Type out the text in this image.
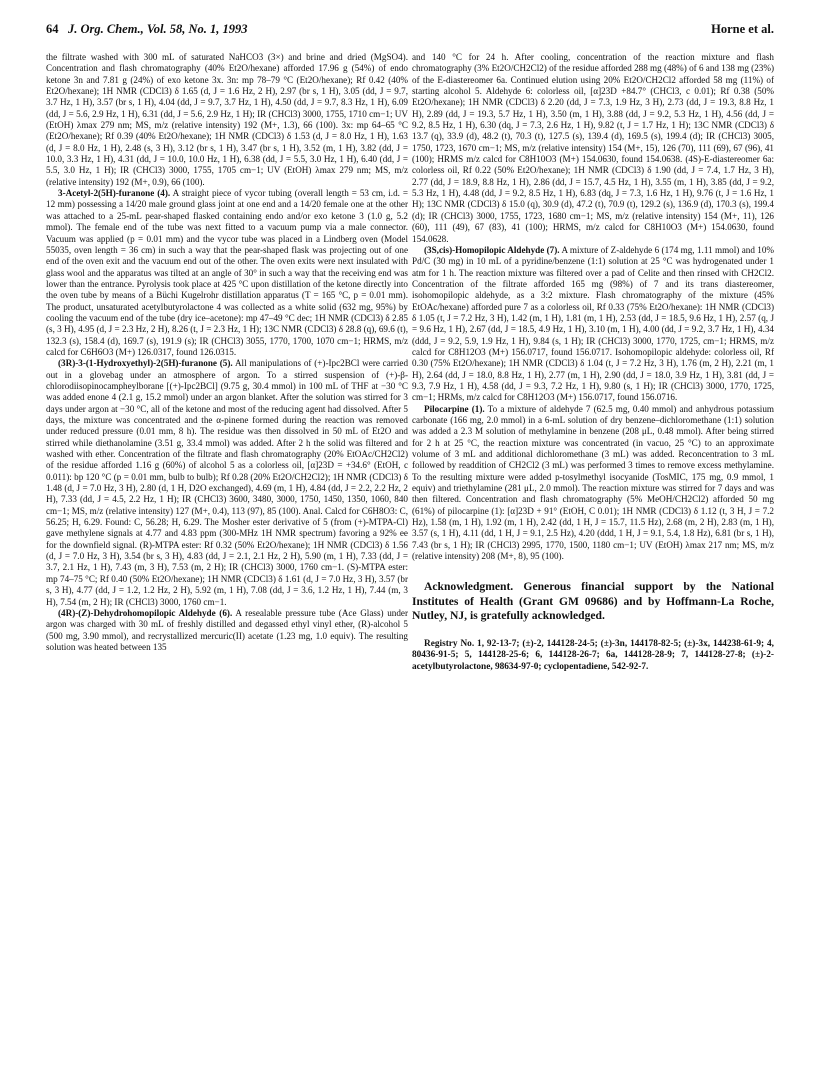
64 J. Org. Chem., Vol. 58, No. 1, 1993	Horne et al.

the filtrate washed with 300 mL of saturated NaHCO3 (3×) and brine and dried (MgSO4). Concentration and flash chromatography (40% Et2O/hexane) afforded 17.96 g (54%) of endo ketone 3n and 7.81 g (24%) of exo ketone 3x. 3n: mp 78–79 °C (Et2O/hexane); Rf 0.42 (40% Et2O/hexane); 1H NMR (CDCl3) δ 1.65 (d, J = 1.6 Hz, 2 H), 2.97 (br s, 1 H), 3.05 (dd, J = 9.7, 3.7 Hz, 1 H), 3.57 (br s, 1 H), 4.04 (dd, J = 9.7, 3.7 Hz, 1 H), 4.50 (dd, J = 9.7, 8.3 Hz, 1 H), 6.09 (dd, J = 5.6, 2.9 Hz, 1 H), 6.31 (dd, J = 5.6, 2.9 Hz, 1 H); IR (CHCl3) 3000, 1755, 1710 cm−1; UV (EtOH) λmax 279 nm; MS, m/z (relative intensity) 192 (M+, 1.3), 66 (100). 3x: mp 64–65 °C (Et2O/hexane); Rf 0.39 (40% Et2O/hexane); 1H NMR (CDCl3) δ 1.53 (d, J = 8.0 Hz, 1 H), 1.63 (d, J = 8.0 Hz, 1 H), 2.48 (s, 3 H), 3.12 (br s, 1 H), 3.47 (br s, 1 H), 3.52 (m, 1 H), 3.82 (dd, J = 10.0, 3.3 Hz, 1 H), 4.31 (dd, J = 10.0, 10.0 Hz, 1 H), 6.38 (dd, J = 5.5, 3.0 Hz, 1 H), 6.40 (dd, J = 5.5, 3.0 Hz, 1 H); IR (CHCl3) 3000, 1755, 1705 cm−1; UV (EtOH) λmax 279 nm; MS, m/z (relative intensity) 192 (M+, 0.9), 66 (100).

3-Acetyl-2(5H)-furanone (4). A straight piece of vycor tubing (overall length = 53 cm, i.d. = 12 mm) possessing a 14/20 male ground glass joint at one end and a 14/20 female one at the other was attached to a 25-mL pear-shaped flasked containing endo and/or exo ketone 3 (1.0 g, 5.2 mmol). The female end of the tube was next fitted to a vacuum pump via a male connector. Vacuum was applied (p = 0.01 mm) and the vycor tube was placed in a Lindberg oven (Model 55035, oven length = 36 cm) in such a way that the pear-shaped flask was projecting out of one end of the oven exit and the vacuum end out of the other. The oven exits were next insulated with glass wool and the apparatus was tilted at an angle of 30° in such a way that the receiving end was lower than the entrance. Pyrolysis took place at 425 °C upon distillation of the ketone directly into the oven tube by means of a Büchi Kugelrohr distillation apparatus (T = 165 °C, p = 0.01 mm). The product, unsaturated acetylbutyrolactone 4 was collected as a white solid (632 mg, 95%) by cooling the vacuum end of the tube (dry ice–acetone): mp 47–49 °C dec; 1H NMR (CDCl3) δ 2.85 (s, 3 H), 4.95 (d, J = 2.3 Hz, 2 H), 8.26 (t, J = 2.3 Hz, 1 H); 13C NMR (CDCl3) δ 28.8 (q), 69.6 (t), 132.3 (s), 158.4 (d), 169.7 (s), 191.9 (s); IR (CHCl3) 3055, 1770, 1700, 1070 cm−1; HRMS, m/z calcd for C6H6O3 (M+) 126.0317, found 126.0315.

(3R)-3-(1-Hydroxyethyl)-2(5H)-furanone (5). All manipulations of (+)-Ipc2BCl were carried out in a glovebag under an atmosphere of argon. To a stirred suspension of (+)-β-chlorodiisopinocampheylborane [(+)-Ipc2BCl] (9.75 g, 30.4 mmol) in 100 mL of THF at −30 °C was added enone 4 (2.1 g, 15.2 mmol) under an argon blanket. After the solution was stirred for 3 days under argon at −30 °C, all of the ketone and most of the reducing agent had dissolved. After 5 days, the mixture was concentrated and the α-pinene formed during the reaction was removed under reduced pressure (0.01 mm, 8 h). The residue was then dissolved in 50 mL of Et2O and stirred while diethanolamine (3.51 g, 33.4 mmol) was added. After 2 h the solid was filtered and washed with ether. Concentration of the filtrate and flash chromatography (20% EtOAc/CH2Cl2) of the residue afforded 1.16 g (60%) of alcohol 5 as a colorless oil, [α]23D = +34.6° (EtOH, c 0.011): bp 120 °C (p = 0.01 mm, bulb to bulb); Rf 0.28 (20% Et2O/CH2Cl2); 1H NMR (CDCl3) δ 1.48 (d, J = 7.0 Hz, 3 H), 2.80 (d, 1 H, D2O exchanged), 4.69 (m, 1 H), 4.84 (dd, J = 2.2, 2.2 Hz, 2 H), 7.33 (dd, J = 4.5, 2.2 Hz, 1 H); IR (CHCl3) 3600, 3480, 3000, 1750, 1450, 1350, 1060, 840 cm−1; MS, m/z (relative intensity) 127 (M+, 0.4), 113 (97), 85 (100). Anal. Calcd for C6H8O3: C, 56.25; H, 6.29. Found: C, 56.28; H, 6.29. The Mosher ester derivative of 5 (from (+)-MTPA-Cl) gave methylene signals at 4.77 and 4.83 ppm (300-MHz 1H NMR spectrum) favoring a 92% ee for the downfield signal. (R)-MTPA ester: Rf 0.32 (50% Et2O/hexane); 1H NMR (CDCl3) δ 1.56 (d, J = 7.0 Hz, 3 H), 3.54 (br s, 3 H), 4.83 (dd, J = 2.1, 2.1 Hz, 2 H), 5.90 (m, 1 H), 7.33 (dd, J = 3.7, 2.1 Hz, 1 H), 7.43 (m, 3 H), 7.53 (m, 2 H); IR (CHCl3) 3000, 1760 cm−1. (S)-MTPA ester: mp 74–75 °C; Rf 0.40 (50% Et2O/hexane); 1H NMR (CDCl3) δ 1.61 (d, J = 7.0 Hz, 3 H), 3.57 (br s, 3 H), 4.77 (dd, J = 1.2, 1.2 Hz, 2 H), 5.92 (m, 1 H), 7.08 (dd, J = 3.6, 1.2 Hz, 1 H), 7.44 (m, 3 H), 7.54 (m, 2 H); IR (CHCl3) 3000, 1760 cm−1.

(4R)-(Z)-Dehydrohomopilopic Aldehyde (6). A resealable pressure tube (Ace Glass) under argon was charged with 30 mL of freshly distilled and degassed ethyl vinyl ether, (R)-alcohol 5 (500 mg, 3.90 mmol), and recrystallized mercuric(II) acetate (1.23 mg, 1.0 equiv). The resulting solution was heated between 135

and 140 °C for 24 h. After cooling, concentration of the reaction mixture and flash chromatography (3% Et2O/CH2Cl2) of the residue afforded 288 mg (48%) of 6 and 138 mg (23%) of the E-diastereomer 6a. Continued elution using 20% Et2O/CH2Cl2 afforded 58 mg (11%) of starting alcohol 5. Aldehyde 6: colorless oil, [α]23D +84.7° (CHCl3, c 0.01); Rf 0.38 (50% Et2O/hexane); 1H NMR (CDCl3) δ 2.20 (dd, J = 7.3, 1.9 Hz, 3 H), 2.73 (dd, J = 19.3, 8.8 Hz, 1 H), 2.89 (dd, J = 19.3, 5.7 Hz, 1 H), 3.50 (m, 1 H), 3.88 (dd, J = 9.2, 5.3 Hz, 1 H), 4.56 (dd, J = 9.2, 8.5 Hz, 1 H), 6.30 (dq, J = 7.3, 2.6 Hz, 1 H), 9.82 (t, J = 1.7 Hz, 1 H); 13C NMR (CDCl3) δ 13.7 (q), 33.9 (d), 48.2 (t), 70.3 (t), 127.5 (s), 139.4 (d), 169.5 (s), 199.4 (d); IR (CHCl3) 3005, 1750, 1723, 1670 cm−1; MS, m/z (relative intensity) 154 (M+, 15), 126 (70), 111 (69), 67 (96), 41 (100); HRMS m/z calcd for C8H10O3 (M+) 154.0630, found 154.0638. (4S)-E-diastereomer 6a: colorless oil, Rf 0.22 (50% Et2O/hexane); 1H NMR (CDCl3) δ 1.90 (dd, J = 7.4, 1.7 Hz, 3 H), 2.77 (dd, J = 18.9, 8.8 Hz, 1 H), 2.86 (dd, J = 15.7, 4.5 Hz, 1 H), 3.55 (m, 1 H), 3.85 (dd, J = 9.2, 5.3 Hz, 1 H), 4.48 (dd, J = 9.2, 8.5 Hz, 1 H), 6.83 (dq, J = 7.3, 1.6 Hz, 1 H), 9.76 (t, J = 1.6 Hz, 1 H); 13C NMR (CDCl3) δ 15.0 (q), 30.9 (d), 47.2 (t), 70.9 (t), 129.2 (s), 136.9 (d), 170.3 (s), 199.4 (d); IR (CHCl3) 3000, 1755, 1723, 1680 cm−1; MS, m/z (relative intensity) 154 (M+, 11), 126 (60), 111 (49), 67 (83), 41 (100); HRMS, m/z calcd for C8H10O3 (M+) 154.0630, found 154.0628.

(3S,cis)-Homopilopic Aldehyde (7). A mixture of Z-aldehyde 6 (174 mg, 1.11 mmol) and 10% Pd/C (30 mg) in 10 mL of a pyridine/benzene (1:1) solution at 25 °C was hydrogenated under 1 atm for 1 h. The reaction mixture was filtered over a pad of Celite and then rinsed with CH2Cl2. Concentration of the filtrate afforded 165 mg (98%) of 7 and its trans diastereomer, isohomopilopic aldehyde, as a 3:2 mixture. Flash chromatography of the mixture (45% EtOAc/hexane) afforded pure 7 as a colorless oil, Rf 0.33 (75% Et2O/hexane): 1H NMR (CDCl3) δ 1.05 (t, J = 7.2 Hz, 3 H), 1.42 (m, 1 H), 1.81 (m, 1 H), 2.53 (dd, J = 18.5, 9.6 Hz, 1 H), 2.57 (q, J = 9.6 Hz, 1 H), 2.67 (dd, J = 18.5, 4.9 Hz, 1 H), 3.10 (m, 1 H), 4.00 (dd, J = 9.2, 3.7 Hz, 1 H), 4.34 (ddd, J = 9.2, 5.9, 1.9 Hz, 1 H), 9.84 (s, 1 H); IR (CHCl3) 3000, 1770, 1725, cm−1; HRMS, m/z calcd for C8H12O3 (M+) 156.0717, found 156.0717. Isohomopilopic aldehyde: colorless oil, Rf 0.30 (75% Et2O/hexane); 1H NMR (CDCl3) δ 1.04 (t, J = 7.2 Hz, 3 H), 1.76 (m, 2 H), 2.21 (m, 1 H), 2.64 (dd, J = 18.0, 8.8 Hz, 1 H), 2.77 (m, 1 H), 2.90 (dd, J = 18.0, 3.9 Hz, 1 H), 3.81 (dd, J = 9.3, 7.9 Hz, 1 H), 4.58 (dd, J = 9.3, 7.2 Hz, 1 H), 9.80 (s, 1 H); IR (CHCl3) 3000, 1770, 1725, cm−1; HRMs, m/z calcd for C8H12O3 (M+) 156.0717, found 156.0716.

Pilocarpine (1). To a mixture of aldehyde 7 (62.5 mg, 0.40 mmol) and anhydrous potassium carbonate (166 mg, 2.0 mmol) in a 6-mL solution of dry benzene–dichloromethane (1:1) solution was added a 2.3 M solution of methylamine in benzene (208 μL, 0.48 mmol). After being stirred for 2 h at 25 °C, the reaction mixture was concentrated (in vacuo, 25 °C) to an approximate volume of 3 mL and additional dichloromethane (3 mL) was added. Reconcentration to 3 mL followed by readdition of CH2Cl2 (3 mL) was performed 3 times to remove excess methylamine. To the resulting mixture were added p-tosylmethyl isocyanide (TosMIC, 175 mg, 0.9 mmol, 1 equiv) and triethylamine (281 μL, 2.0 mmol). The reaction mixture was stirred for 7 days and was then filtered. Concentration and flash chromatography (5% MeOH/CH2Cl2) afforded 50 mg (61%) of pilocarpine (1): [α]23D + 91° (EtOH, C 0.01); 1H NMR (CDCl3) δ 1.12 (t, 3 H, J = 7.2 Hz), 1.58 (m, 1 H), 1.92 (m, 1 H), 2.42 (dd, 1 H, J = 15.7, 11.5 Hz), 2.68 (m, 2 H), 2.83 (m, 1 H), 3.57 (s, 1 H), 4.11 (dd, 1 H, J = 9.1, 2.5 Hz), 4.20 (ddd, 1 H, J = 9.1, 5.4, 1.8 Hz), 6.81 (br s, 1 H), 7.43 (br s, 1 H); IR (CHCl3) 2995, 1770, 1500, 1180 cm−1; UV (EtOH) λmax 217 nm; MS, m/z (relative intensity) 208 (M+, 8), 95 (100).

Acknowledgment. Generous financial support by the National Institutes of Health (Grant GM 09686) and by Hoffmann-La Roche, Nutley, NJ, is gratefully acknowledged.

Registry No. 1, 92-13-7; (±)-2, 144128-24-5; (±)-3n, 144178-82-5; (±)-3x, 144238-61-9; 4, 80436-91-5; 5, 144128-25-6; 6, 144128-26-7; 6a, 144128-28-9; 7, 144128-27-8; (±)-2-acetylbutyrolactone, 98634-97-0; cyclopentadiene, 542-92-7.
